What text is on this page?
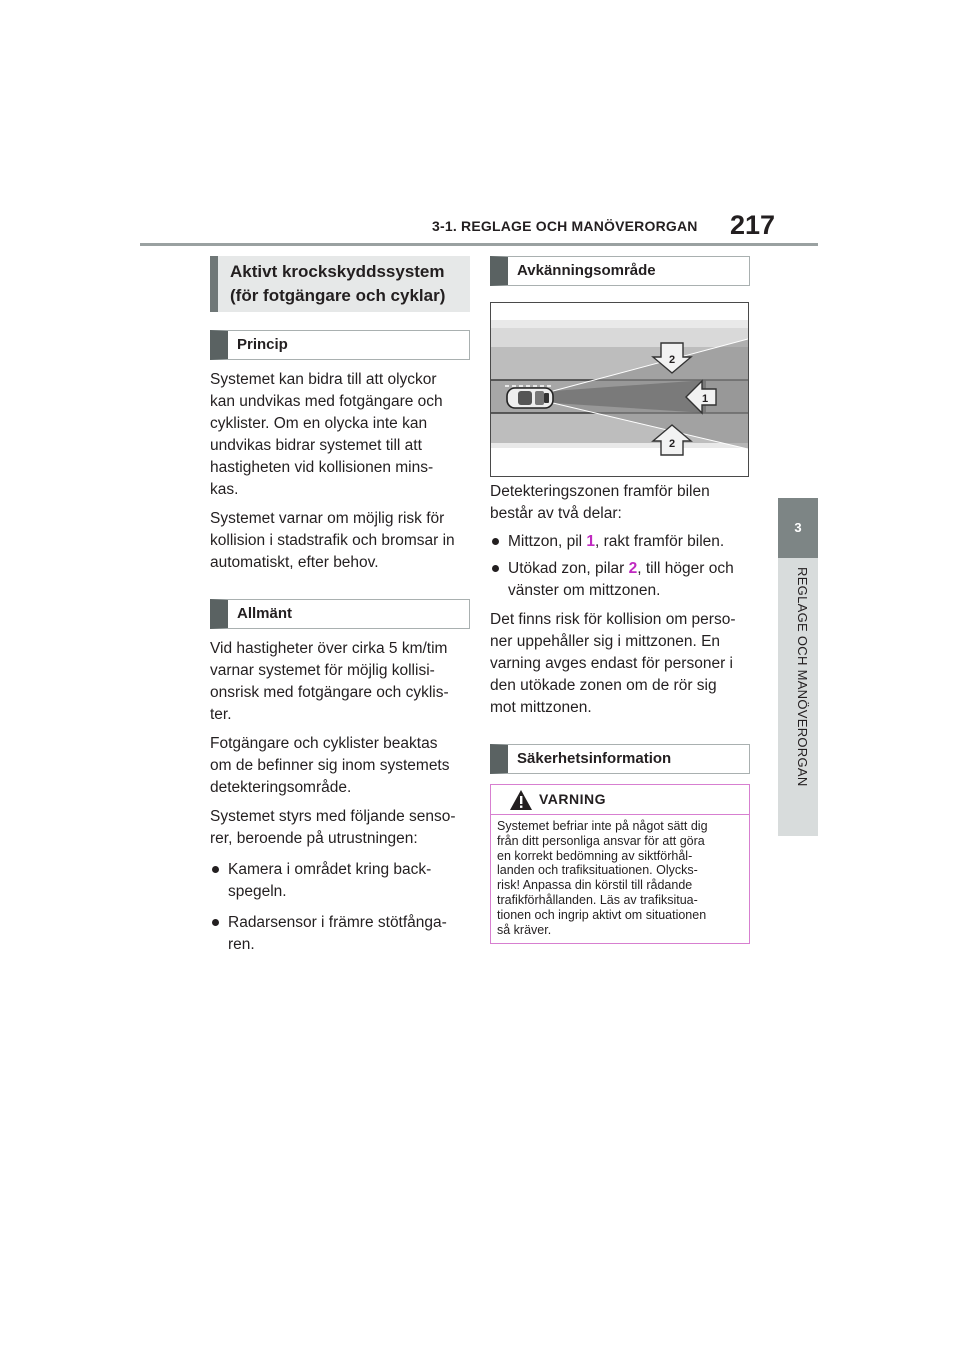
3-1. REGLAGE OCH MANÖVERORGAN 217
3
REGLAGE OCH MANÖVERORGAN
Aktivt krockskyddssystem
(för fotgängare och cyklar)
Princip
Systemet kan bidra till att olyckor
kan undvikas med fotgängare och
cyklister. Om en olycka inte kan
undvikas bidrar systemet till att
hastigheten vid kollisionen mins-
kas.
Systemet varnar om möjlig risk för
kollision i stadstrafik och bromsar in
automatiskt, efter behov.
Allmänt
Vid hastigheter över cirka 5 km/tim
varnar systemet för möjlig kollisi-
onsrisk med fotgängare och cyklis-
ter.
Fotgängare och cyklister beaktas
om de befinner sig inom systemets
detekteringsområde.
Systemet styrs med följande senso-
rer, beroende på utrustningen:
Kamera i området kring back-
spegeln.
Radarsensor i främre stötfånga-
ren.
Avkänningsområde
2
1
2
Detekteringszonen framför bilen
består av två delar:
Mittzon, pil 1, rakt framför bilen.
Utökad zon, pilar 2, till höger och
vänster om mittzonen.
Det finns risk för kollision om perso-
ner uppehåller sig i mittzonen. En
varning avges endast för personer i
den utökade zonen om de rör sig
mot mittzonen.
Säkerhetsinformation
VARNING
Systemet befriar inte på något sätt dig
från ditt personliga ansvar för att göra
en korrekt bedömning av siktförhål-
landen och trafiksituationen. Olycks-
risk! Anpassa din körstil till rådande
trafikförhållanden. Läs av trafiksitua-
tionen och ingrip aktivt om situationen
så kräver.
